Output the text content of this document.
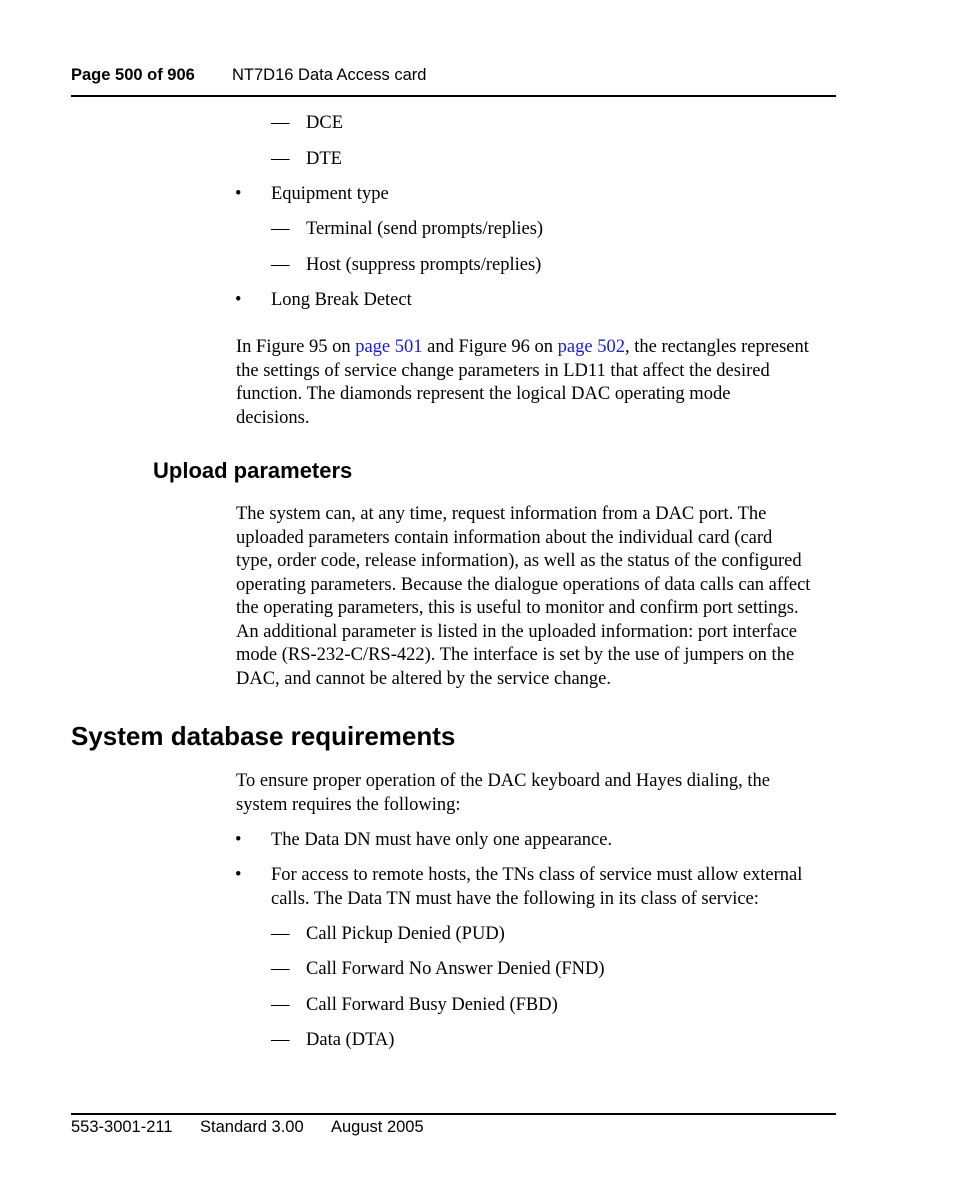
Page 500 of 906 NT7D16 Data Access card
— DCE
— DTE
• Equipment type
— Terminal (send prompts/replies)
— Host (suppress prompts/replies)
• Long Break Detect
In Figure 95 on page 501 and Figure 96 on page 502, the rectangles represent
the settings of service change parameters in LD11 that affect the desired
function. The diamonds represent the logical DAC operating mode
decisions.
Upload parameters
The system can, at any time, request information from a DAC port. The
uploaded parameters contain information about the individual card (card
type, order code, release information), as well as the status of the configured
operating parameters. Because the dialogue operations of data calls can affect
the operating parameters, this is useful to monitor and confirm port settings.
An additional parameter is listed in the uploaded information: port interface
mode (RS-232-C/RS-422). The interface is set by the use of jumpers on the
DAC, and cannot be altered by the service change.
System database requirements
To ensure proper operation of the DAC keyboard and Hayes dialing, the
system requires the following:
• The Data DN must have only one appearance.
• For access to remote hosts, the TNs class of service must allow external
calls. The Data TN must have the following in its class of service:
— Call Pickup Denied (PUD)
— Call Forward No Answer Denied (FND)
— Call Forward Busy Denied (FBD)
— Data (DTA)
553-3001-211 Standard 3.00 August 2005
